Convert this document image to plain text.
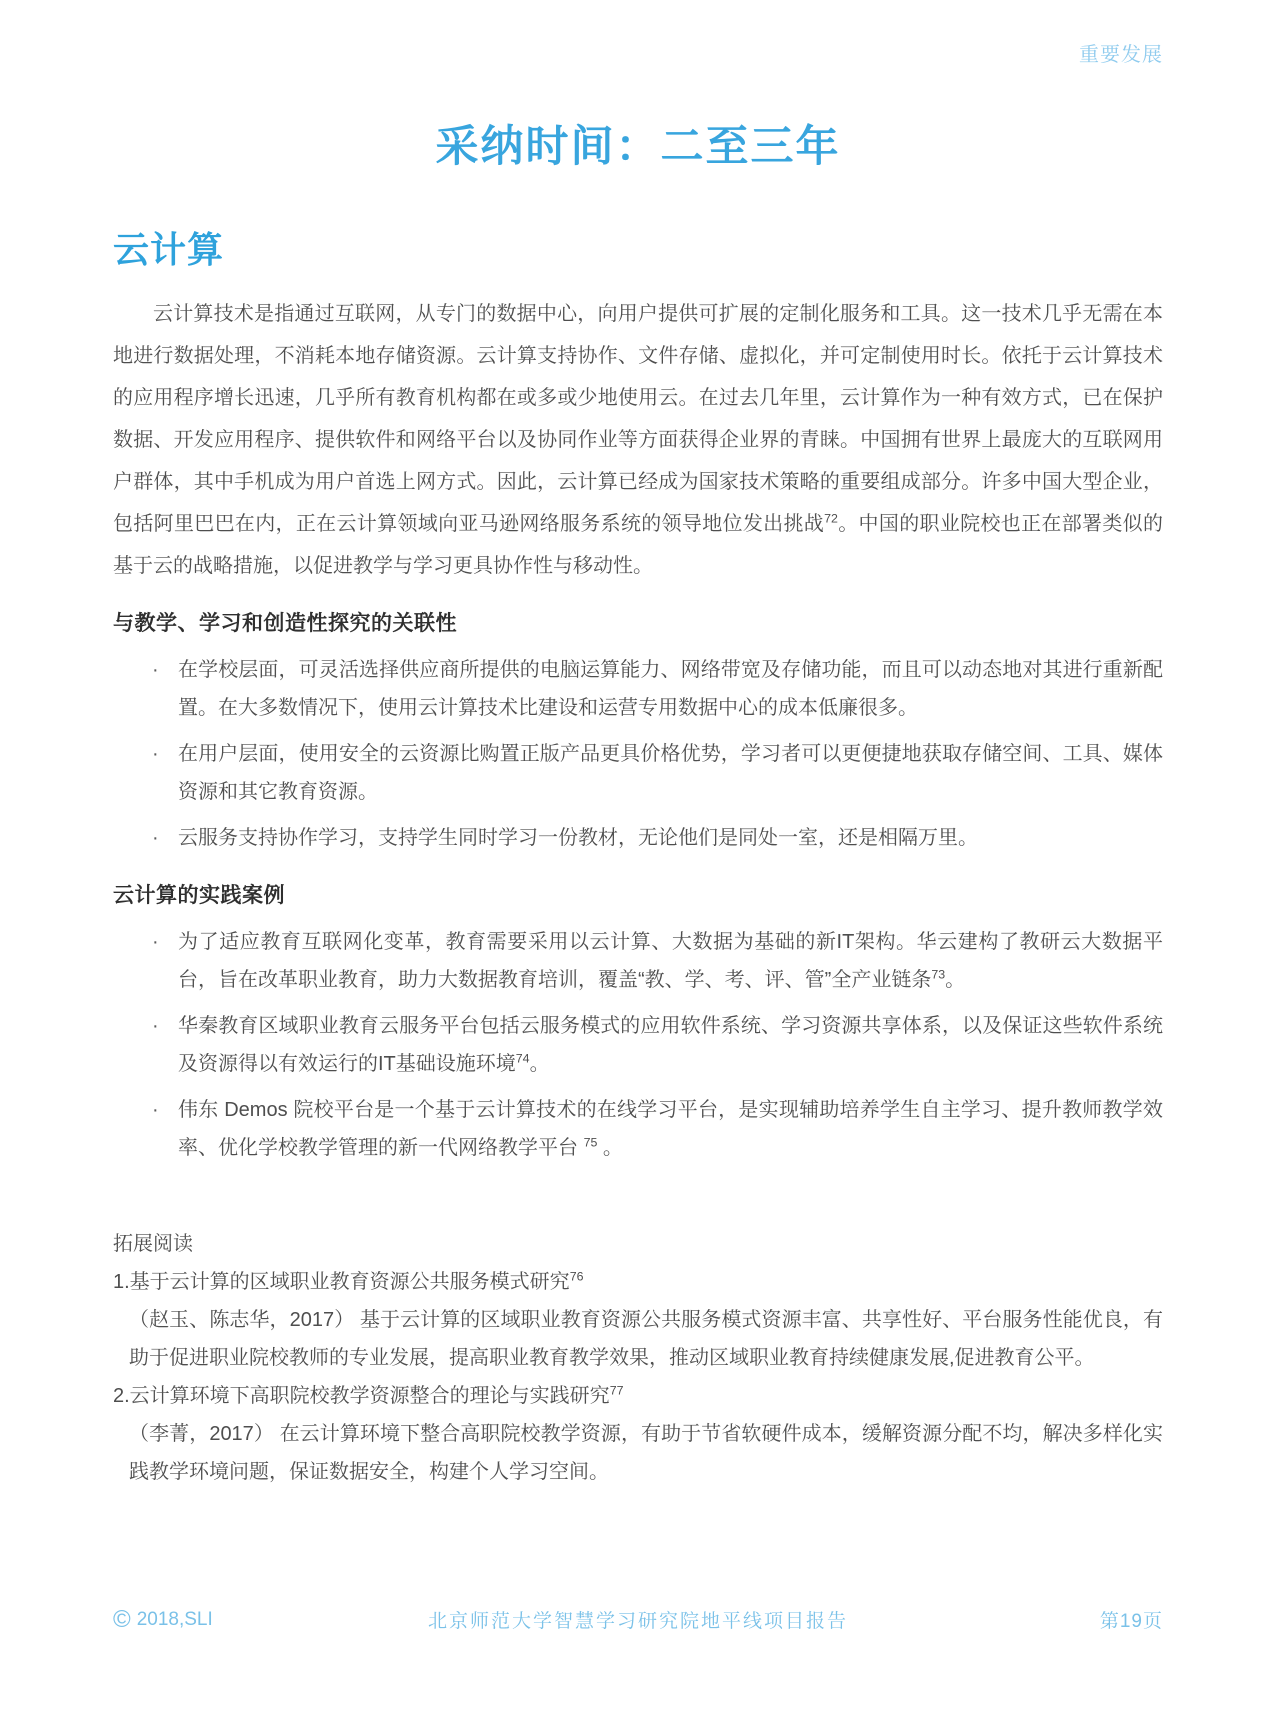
重要发展
采纳时间：二至三年
云计算

云计算技术是指通过互联网，从专门的数据中心，向用户提供可扩展的定制化服务和工具。这一技术几乎无需在本地进行数据处理，不消耗本地存储资源。云计算支持协作、文件存储、虚拟化，并可定制使用时长。依托于云计算技术的应用程序增长迅速，几乎所有教育机构都在或多或少地使用云。在过去几年里，云计算作为一种有效方式，已在保护数据、开发应用程序、提供软件和网络平台以及协同作业等方面获得企业界的青睐。中国拥有世界上最庞大的互联网用户群体，其中手机成为用户首选上网方式。因此，云计算已经成为国家技术策略的重要组成部分。许多中国大型企业，包括阿里巴巴在内，正在云计算领域向亚马逊网络服务系统的领导地位发出挑战$^{72}$。中国的职业院校也正在部署类似的基于云的战略措施，以促进教学与学习更具协作性与移动性。

与教学、学习和创造性探究的关联性
· 在学校层面，可灵活选择供应商所提供的电脑运算能力、网络带宽及存储功能，而且可以动态地对其进行重新配置。在大多数情况下，使用云计算技术比建设和运营专用数据中心的成本低廉很多。
· 在用户层面，使用安全的云资源比购置正版产品更具价格优势，学习者可以更便捷地获取存储空间、工具、媒体资源和其它教育资源。
· 云服务支持协作学习，支持学生同时学习一份教材，无论他们是同处一室，还是相隔万里。
云计算的实践案例
· 为了适应教育互联网化变革，教育需要采用以云计算、大数据为基础的新IT架构。华云建构了教研云大数据平台，旨在改革职业教育，助力大数据教育培训，覆盖“教、学、考、评、管”全产业链条$^{73}$。
· 华秦教育区域职业教育云服务平台包括云服务模式的应用软件系统、学习资源共享体系，以及保证这些软件系统及资源得以有效运行的IT基础设施环境$^{74}$。
· 伟东 Demos 院校平台是一个基于云计算技术的在线学习平台，是实现辅助培养学生自主学习、提升教师教学效率、优化学校教学管理的新一代网络教学平台 $^{75}$ 。
拓展阅读
1.基于云计算的区域职业教育资源公共服务模式研究$^{76}$
（赵玉、陈志华，2017） 基于云计算的区域职业教育资源公共服务模式资源丰富、共享性好、平台服务性能优良，有助于促进职业院校教师的专业发展，提高职业教育教学效果，推动区域职业教育持续健康发展,促进教育公平。
2.云计算环境下高职院校教学资源整合的理论与实践研究$^{77}$
（李菁，2017） 在云计算环境下整合高职院校教学资源，有助于节省软硬件成本，缓解资源分配不均，解决多样化实践教学环境问题，保证数据安全，构建个人学习空间。
© 2018,SLI	北京师范大学智慧学习研究院地平线项目报告	第19页
